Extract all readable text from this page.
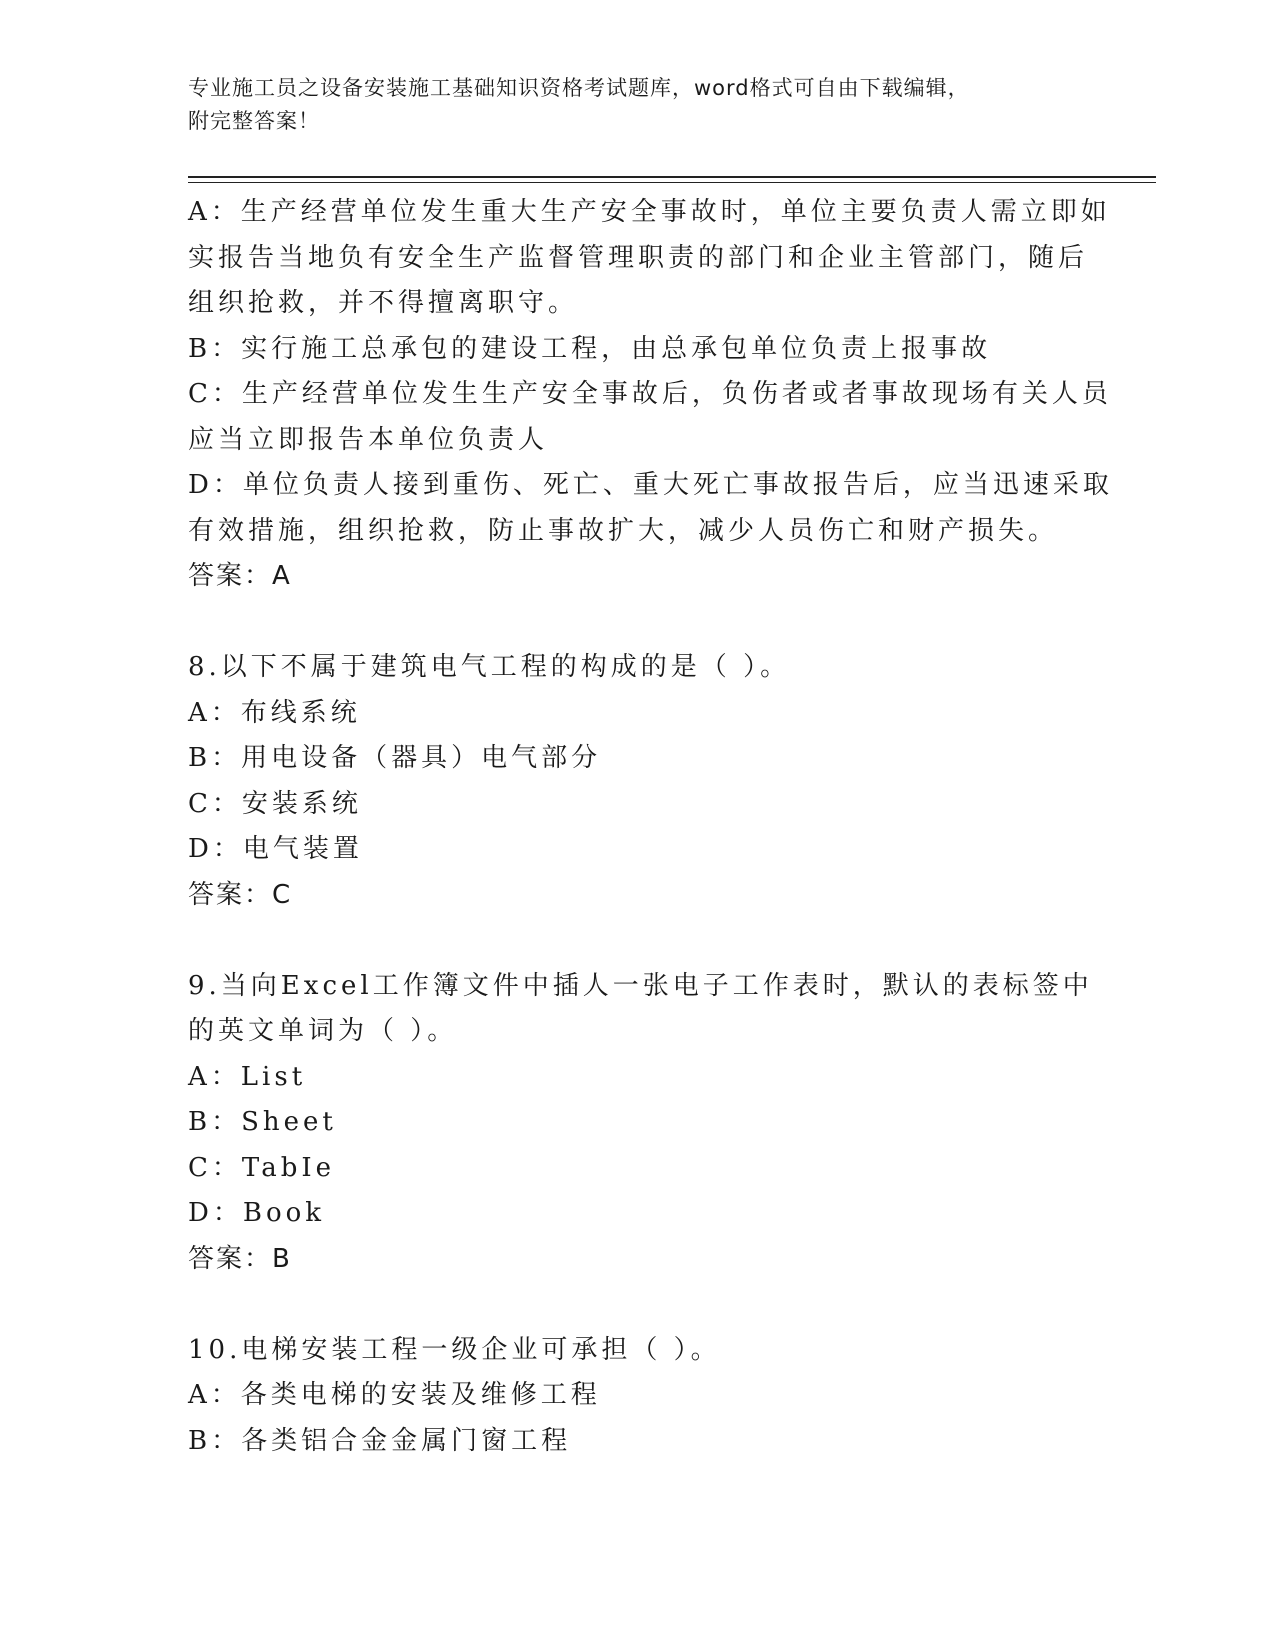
专业施工员之设备安装施工基础知识资格考试题库，word格式可自由下载编辑，
附完整答案！
A：生产经营单位发生重大生产安全事故时，单位主要负责人需立即如
实报告当地负有安全生产监督管理职责的部门和企业主管部门，随后
组织抢救，并不得擅离职守。
B：实行施工总承包的建设工程，由总承包单位负责上报事故
C：生产经营单位发生生产安全事故后，负伤者或者事故现场有关人员
应当立即报告本单位负责人
D：单位负责人接到重伤、死亡、重大死亡事故报告后，应当迅速采取
有效措施，组织抢救，防止事故扩大，减少人员伤亡和财产损失。
答案：A
8.以下不属于建筑电气工程的构成的是（ ）。
A：布线系统
B：用电设备（器具）电气部分
C：安装系统
D：电气装置
答案：C
9.当向Excel工作簿文件中插人一张电子工作表时，默认的表标签中
的英文单词为（ ）。
A：List
B：Sheet
C：TabIe
D：Book
答案：B
10.电梯安装工程一级企业可承担（ ）。
A：各类电梯的安装及维修工程
B：各类铝合金金属门窗工程
